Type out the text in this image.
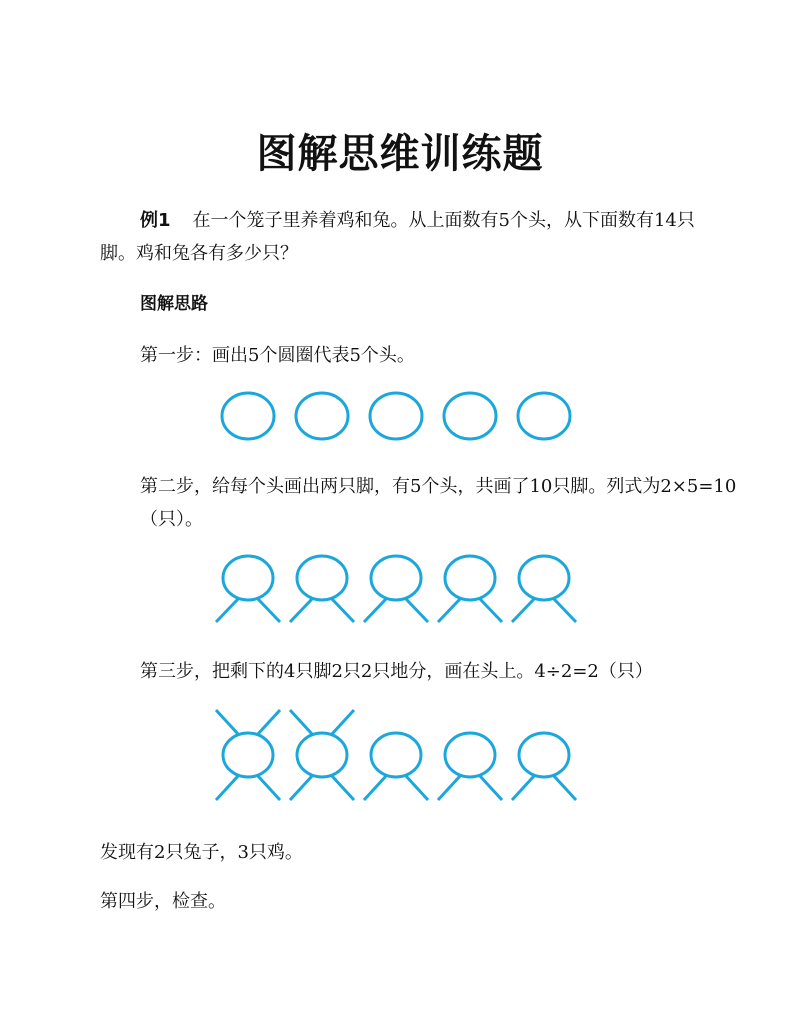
图解思维训练题
例1 在一个笼子里养着鸡和兔。从上面数有5个头，从下面数有14只脚。鸡和兔各有多少只？
图解思路
第一步：画出5个圆圈代表5个头。
第二步，给每个头画出两只脚，有5个头，共画了10只脚。列式为2×5=10（只）。
第三步，把剩下的4只脚2只2只地分，画在头上。4÷2=2（只）
发现有2只兔子，3只鸡。
第四步，检查。
